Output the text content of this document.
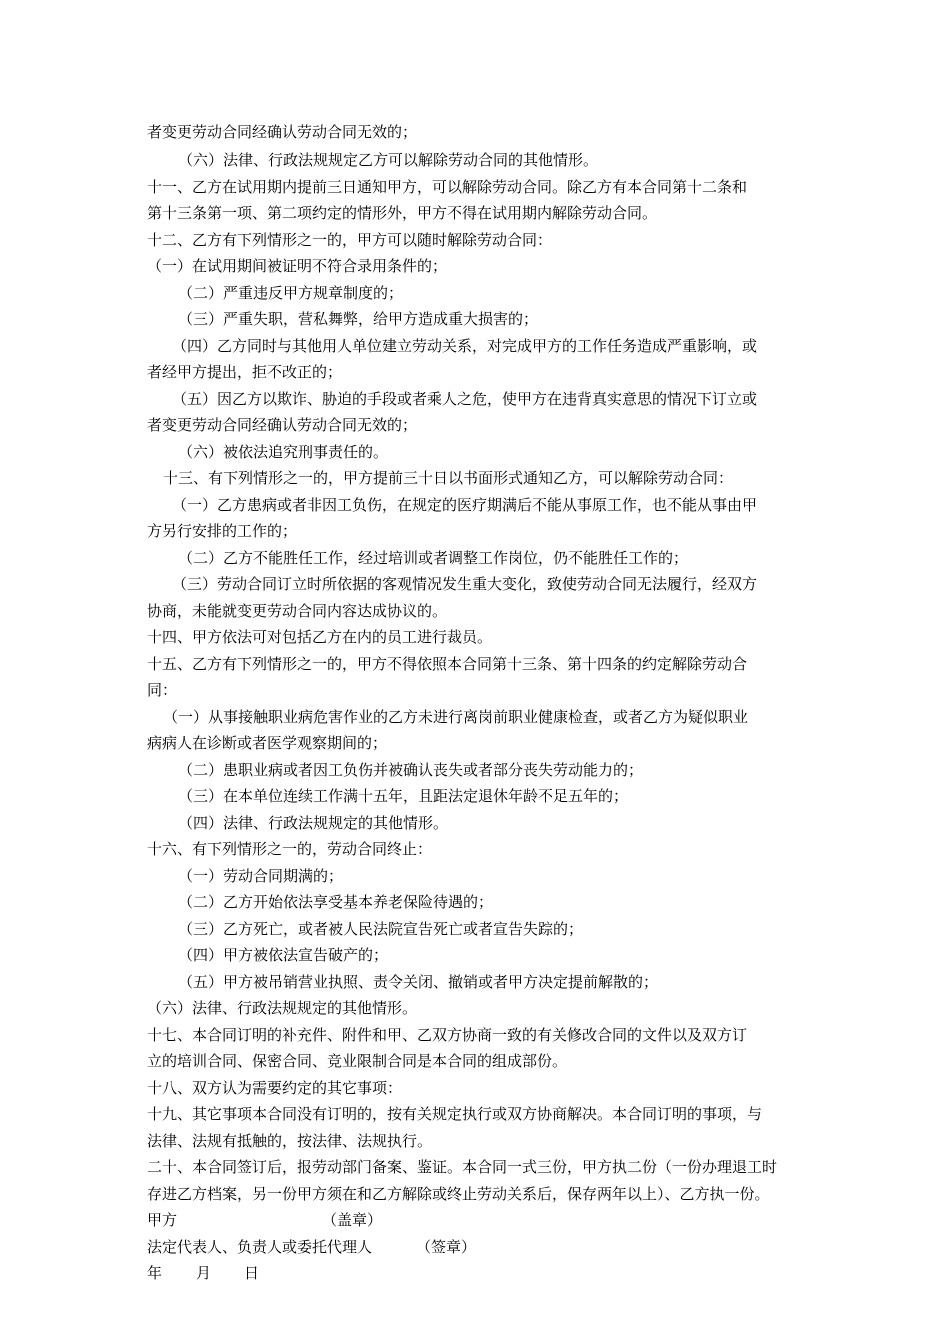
者变更劳动合同经确认劳动合同无效的；
（六）法律、行政法规规定乙方可以解除劳动合同的其他情形。
十一、乙方在试用期内提前三日通知甲方，可以解除劳动合同。除乙方有本合同第十二条和
第十三条第一项、第二项约定的情形外，甲方不得在试用期内解除劳动合同。
十二、乙方有下列情形之一的，甲方可以随时解除劳动合同：
（一）在试用期间被证明不符合录用条件的；
（二）严重违反甲方规章制度的；
（三）严重失职，营私舞弊，给甲方造成重大损害的；
（四）乙方同时与其他用人单位建立劳动关系，对完成甲方的工作任务造成严重影响，或
者经甲方提出，拒不改正的；
（五）因乙方以欺诈、胁迫的手段或者乘人之危，使甲方在违背真实意思的情况下订立或
者变更劳动合同经确认劳动合同无效的；
（六）被依法追究刑事责任的。
十三、有下列情形之一的，甲方提前三十日以书面形式通知乙方，可以解除劳动合同：
（一）乙方患病或者非因工负伤，在规定的医疗期满后不能从事原工作，也不能从事由甲
方另行安排的工作的；
（二）乙方不能胜任工作，经过培训或者调整工作岗位，仍不能胜任工作的；
（三）劳动合同订立时所依据的客观情况发生重大变化，致使劳动合同无法履行，经双方
协商，未能就变更劳动合同内容达成协议的。
十四、甲方依法可对包括乙方在内的员工进行裁员。
十五、乙方有下列情形之一的，甲方不得依照本合同第十三条、第十四条的约定解除劳动合
同：
（一）从事接触职业病危害作业的乙方未进行离岗前职业健康检查，或者乙方为疑似职业
病病人在诊断或者医学观察期间的；
（二）患职业病或者因工负伤并被确认丧失或者部分丧失劳动能力的；
（三）在本单位连续工作满十五年，且距法定退休年龄不足五年的；
（四）法律、行政法规规定的其他情形。
十六、有下列情形之一的，劳动合同终止：
（一）劳动合同期满的；
（二）乙方开始依法享受基本养老保险待遇的；
（三）乙方死亡，或者被人民法院宣告死亡或者宣告失踪的；
（四）甲方被依法宣告破产的；
（五）甲方被吊销营业执照、责令关闭、撤销或者甲方决定提前解散的；
（六）法律、行政法规规定的其他情形。
十七、本合同订明的补充件、附件和甲、乙双方协商一致的有关修改合同的文件以及双方订
立的培训合同、保密合同、竞业限制合同是本合同的组成部份。
十八、双方认为需要约定的其它事项：
十九、其它事项本合同没有订明的，按有关规定执行或双方协商解决。本合同订明的事项，与
法律、法规有抵触的，按法律、法规执行。
二十、本合同签订后，报劳动部门备案、鉴证。本合同一式三份，甲方执二份（一份办理退工时
存进乙方档案，另一份甲方须在和乙方解除或终止劳动关系后，保存两年以上）、乙方执一份。
甲方	（盖章）
法定代表人、负责人或委托代理人	（签章）
年 月 日
